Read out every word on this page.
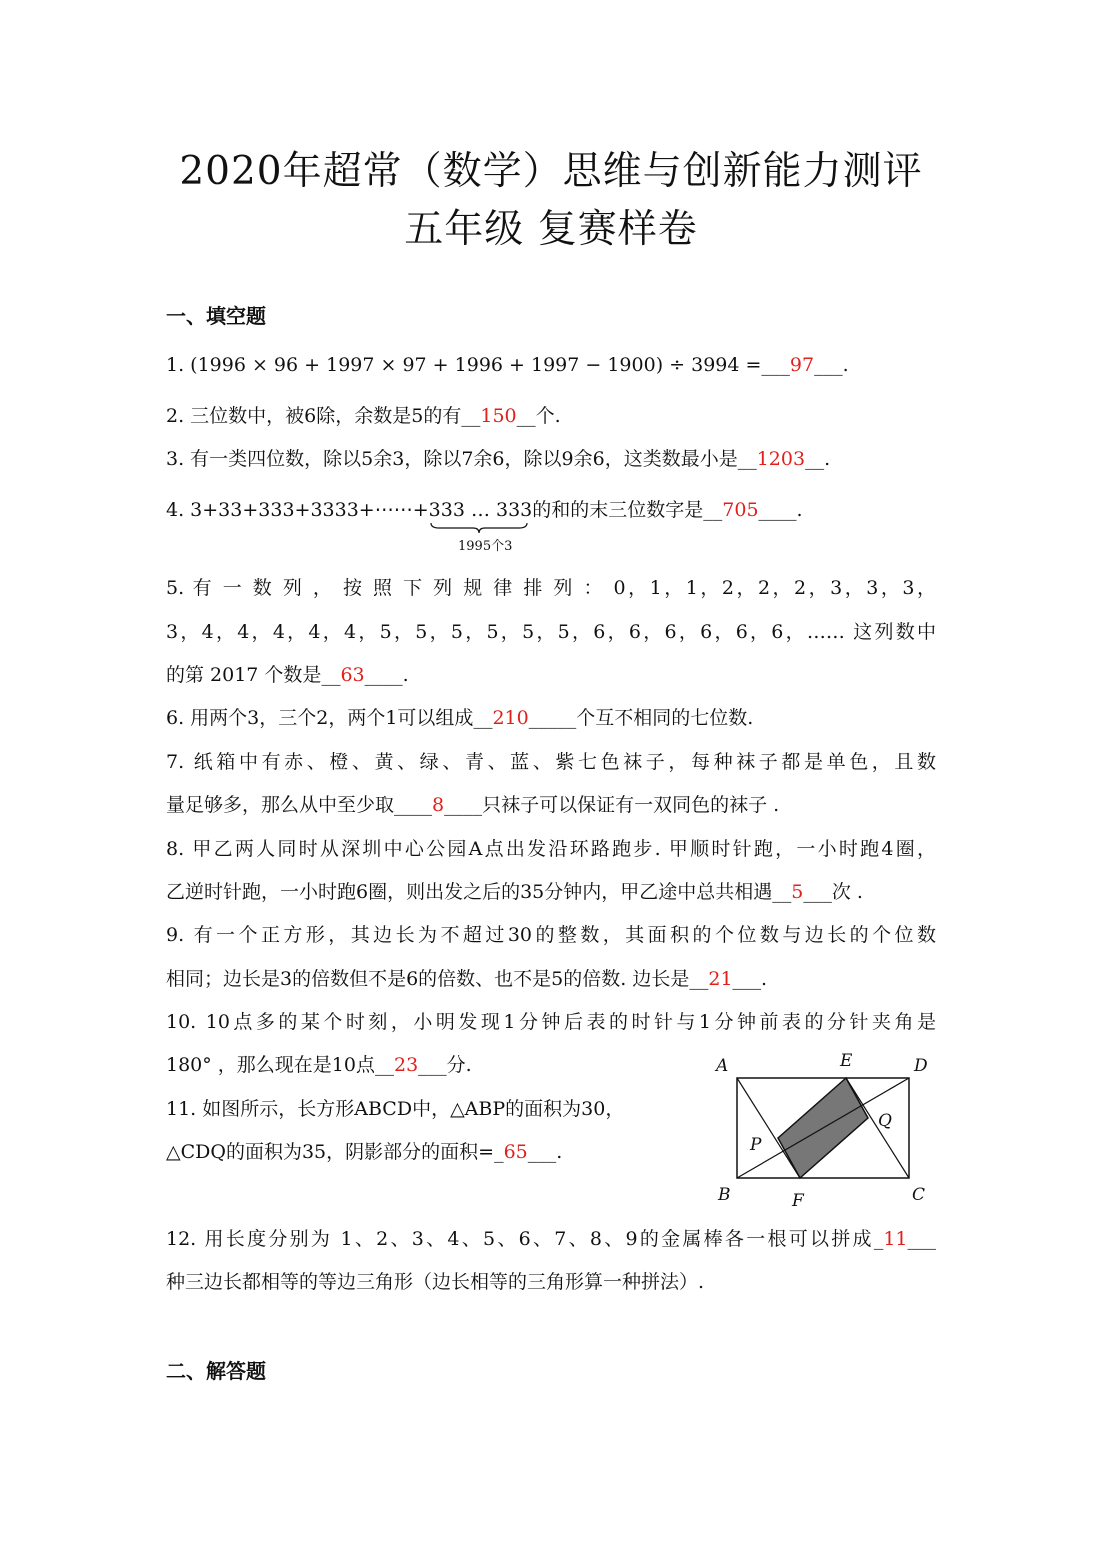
2020年超常（数学）思维与创新能力测评
五年级 复赛样卷
一、填空题
1. (1996 × 96 + 1997 × 97 + 1996 + 1997 − 1900) ÷ 3994 =___97___.
2. 三位数中，被6除，余数是5的有__150__个.
3. 有一类四位数，除以5余3，除以7余6，除以9余6，这类数最小是__1203__.
4. 3+33+333+3333+⋯⋯+333 … 333
的和的末三位数字是__705____.
1995个3
5. 有 一 数 列 ， 按 照 下 列 规 律 排 列 ： 0，1，1，2，2，2，3，3，3，
3，4，4，4，4，4，5，5，5，5，5，5，6，6，6，6，6，6，…… 这列数中
的第 2017 个数是__63____.
6. 用两个3，三个2，两个1可以组成__210_____个互不相同的七位数.
7. 纸箱中有赤、橙、黄、绿、青、蓝、紫七色袜子，每种袜子都是单色，且数
量足够多，那么从中至少取____8____只袜子可以保证有一双同色的袜子 .
8. 甲乙两人同时从深圳中心公园A点出发沿环路跑步. 甲顺时针跑，一小时跑4圈，
乙逆时针跑，一小时跑6圈，则出发之后的35分钟内，甲乙途中总共相遇__5___次 .
9. 有一个正方形，其边长为不超过30的整数，其面积的个位数与边长的个位数
相同；边长是3的倍数但不是6的倍数、也不是5的倍数. 边长是__21___.
10. 10点多的某个时刻，小明发现1分钟后表的时针与1分钟前表的分针夹角是
180° ，那么现在是10点__23___分.
11. 如图所示，长方形ABCD中，△ABP的面积为30，
△CDQ的面积为35，阴影部分的面积=_65___.
A	E	D
Q
P
B	F	C
12. 用长度分别为 1、2、3、4、5、6、7、8、9的金属棒各一根可以拼成_11___
种三边长都相等的等边三角形（边长相等的三角形算一种拼法）.
二、解答题
